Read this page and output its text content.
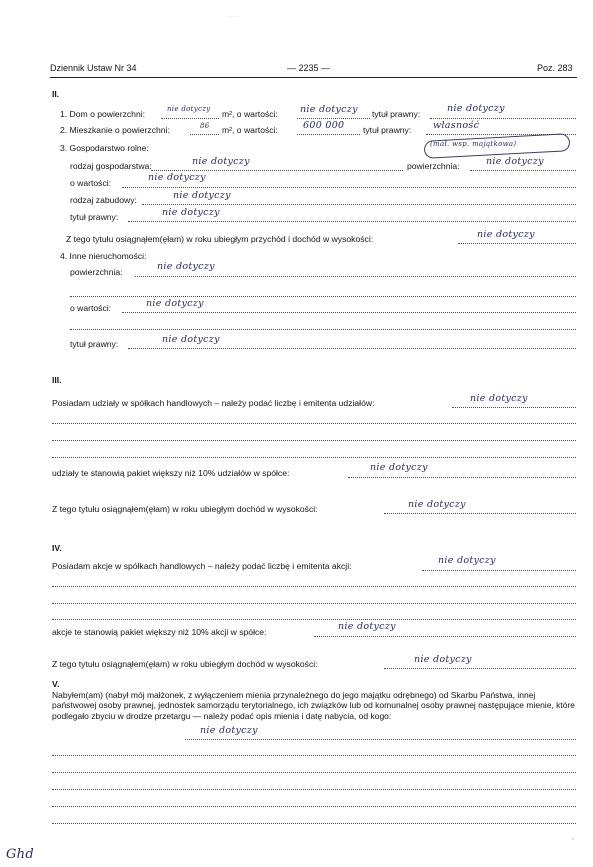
· · · ·
Dziennik Ustaw Nr 34	— 2235 —	Poz. 283
II.
1. Dom o powierzchni:	nie dotyczy m², o wartości: nie dotyczy tytuł prawny:	nie dotyczy
2. Mieszkanie o powierzchni:	86 m², o wartości:	600 000 tytuł prawny: własność
3. Gospodarstwo rolne:	(mał. wsp. majątkowa)
rodzaj gospodarstwa:	nie dotyczy	powierzchnia:	nie dotyczy
o wartości:	nie dotyczy
rodzaj zabudowy:	nie dotyczy
tytuł prawny:	nie dotyczy
Z tego tytułu osiągnąłem(ęłam) w roku ubiegłym przychód i dochód w wysokości:	nie dotyczy
4. Inne nieruchomości:
powierzchnia:	nie dotyczy
o wartości:	nie dotyczy
tytuł prawny:	nie dotyczy
III.
Posiadam udziały w spółkach handlowych – należy podać liczbę i emitenta udziałów:	nie dotyczy
udziały te stanowią pakiet większy niż 10% udziałów w spółce:	nie dotyczy
Z tego tytułu osiągnąłem(ęłam) w roku ubiegłym dochód w wysokości:	nie dotyczy
IV.
Posiadam akcje w spółkach handlowych – należy podać liczbę i emitenta akcji:	nie dotyczy
akcje te stanowią pakiet większy niż 10% akcji w spółce:	nie dotyczy
Z tego tytułu osiągnąłem(ęłam) w roku ubiegłym dochód w wysokości:	nie dotyczy
V.
Nabyłem(am) (nabył mój małżonek, z wyłączeniem mienia przynależnego do jego majątku odrębnego) od Skarbu Państwa, innej państwowej osoby prawnej, jednostek samorządu terytorialnego, ich związków lub od komunalnej osoby prawnej następujące mienie, które podlegało zbyciu w drodze przetargu — należy podać opis mienia i datę nabycia, od kogo:
nie dotyczy
Ghd
*
